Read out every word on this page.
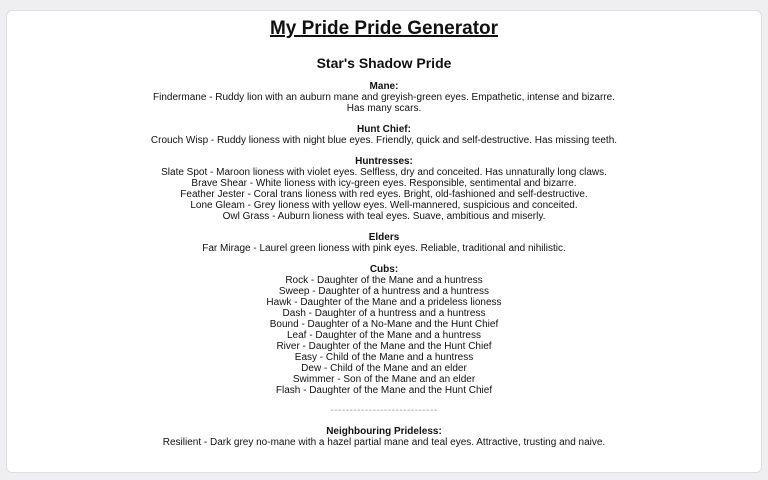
My Pride Pride Generator
Star's Shadow Pride

Mane:
Findermane - Ruddy lion with an auburn mane and greyish-green eyes. Empathetic, intense and bizarre. Has many scars.

Hunt Chief:
Crouch Wisp - Ruddy lioness with night blue eyes. Friendly, quick and self-destructive. Has missing teeth.

Huntresses:
Slate Spot - Maroon lioness with violet eyes. Selfless, dry and conceited. Has unnaturally long claws.
Brave Shear - White lioness with icy-green eyes. Responsible, sentimental and bizarre.
Feather Jester - Coral trans lioness with red eyes. Bright, old-fashioned and self-destructive.
Lone Gleam - Grey lioness with yellow eyes. Well-mannered, suspicious and conceited.
Owl Grass - Auburn lioness with teal eyes. Suave, ambitious and miserly.

Elders
Far Mirage - Laurel green lioness with pink eyes. Reliable, traditional and nihilistic.

Cubs:
Rock - Daughter of the Mane and a huntress
Sweep - Daughter of a huntress and a huntress
Hawk - Daughter of the Mane and a prideless lioness
Dash - Daughter of a huntress and a huntress
Bound - Daughter of a No-Mane and the Hunt Chief
Leaf - Daughter of the Mane and a huntress
River - Daughter of the Mane and the Hunt Chief
Easy - Child of the Mane and a huntress
Dew - Child of the Mane and an elder
Swimmer - Son of the Mane and an elder
Flash - Daughter of the Mane and the Hunt Chief

----------------------------

Neighbouring Prideless:
Resilient - Dark grey no-mane with a hazel partial mane and teal eyes. Attractive, trusting and naive.
